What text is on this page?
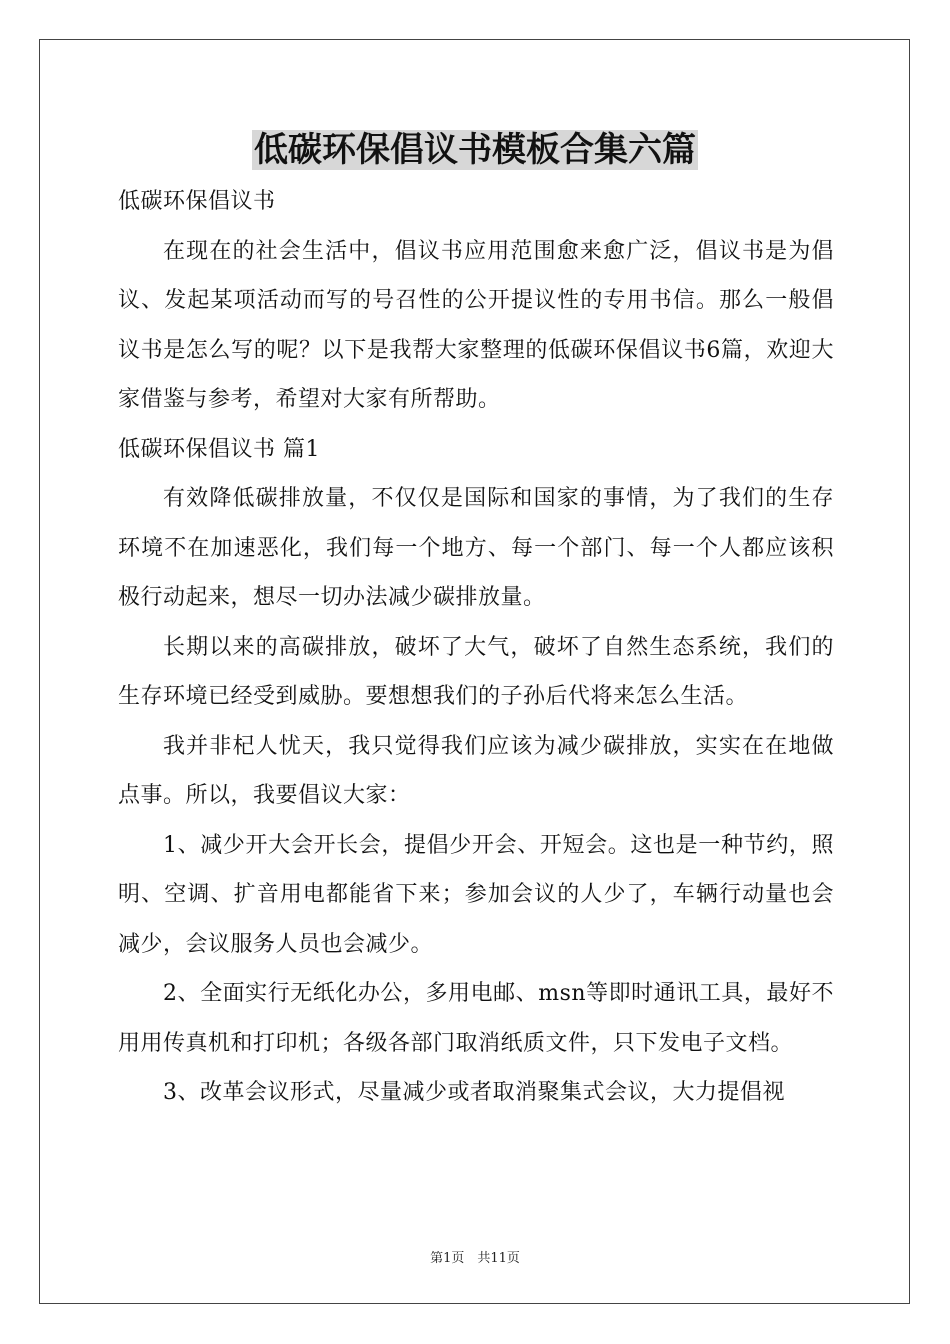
低碳环保倡议书模板合集六篇

低碳环保倡议书

在现在的社会生活中，倡议书应用范围愈来愈广泛，倡议书是为倡议、发起某项活动而写的号召性的公开提议性的专用书信。那么一般倡议书是怎么写的呢？以下是我帮大家整理的低碳环保倡议书6篇，欢迎大家借鉴与参考，希望对大家有所帮助。

低碳环保倡议书 篇1

有效降低碳排放量，不仅仅是国际和国家的事情，为了我们的生存环境不在加速恶化，我们每一个地方、每一个部门、每一个人都应该积极行动起来，想尽一切办法减少碳排放量。

长期以来的高碳排放，破坏了大气，破坏了自然生态系统，我们的生存环境已经受到威胁。要想想我们的子孙后代将来怎么生活。

我并非杞人忧天，我只觉得我们应该为减少碳排放，实实在在地做点事。所以，我要倡议大家：

1、减少开大会开长会，提倡少开会、开短会。这也是一种节约，照明、空调、扩音用电都能省下来；参加会议的人少了，车辆行动量也会减少，会议服务人员也会减少。

2、全面实行无纸化办公，多用电邮、msn等即时通讯工具，最好不用用传真机和打印机；各级各部门取消纸质文件，只下发电子文档。

3、改革会议形式，尽量减少或者取消聚集式会议，大力提倡视

第1页　共11页
